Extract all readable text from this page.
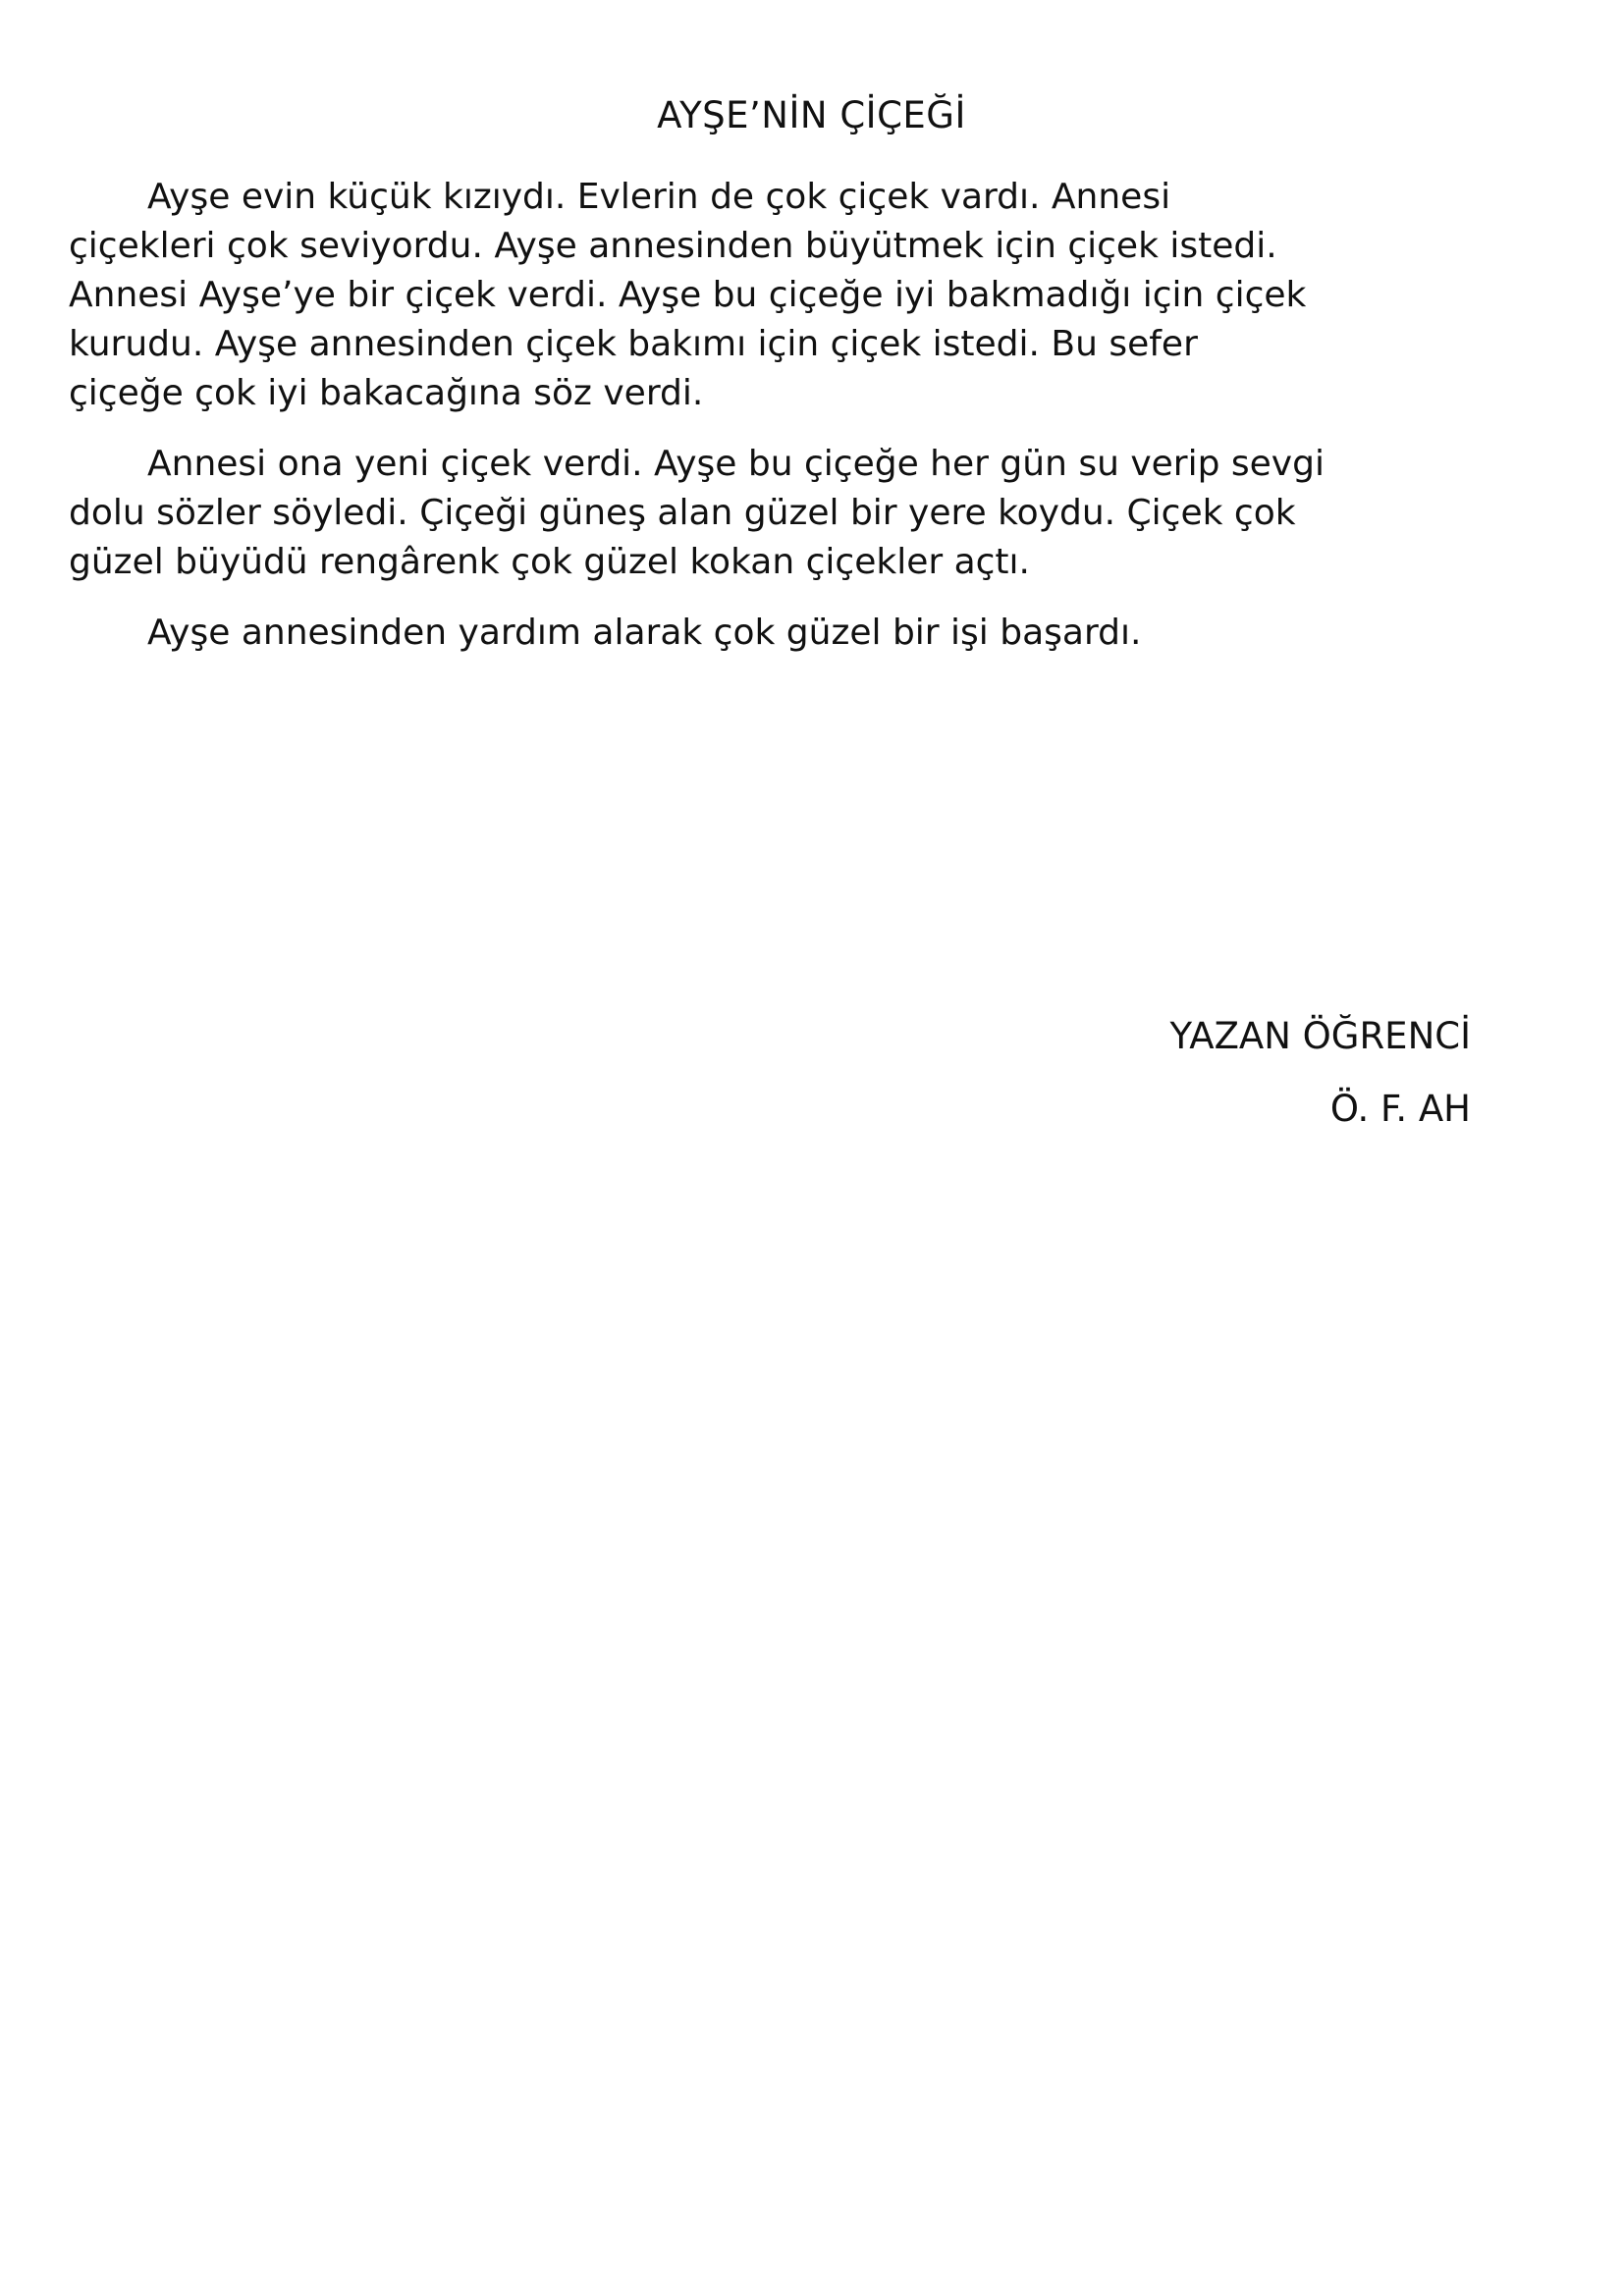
AYŞE’NİN ÇİÇEĞİ

Ayşe evin küçük kızıydı. Evlerin de çok çiçek vardı. Annesi
çiçekleri çok seviyordu. Ayşe annesinden büyütmek için çiçek istedi.
Annesi Ayşe’ye bir çiçek verdi. Ayşe bu çiçeğe iyi bakmadığı için çiçek
kurudu. Ayşe annesinden çiçek bakımı için çiçek istedi. Bu sefer
çiçeğe çok iyi bakacağına söz verdi.

Annesi ona yeni çiçek verdi. Ayşe bu çiçeğe her gün su verip sevgi
dolu sözler söyledi. Çiçeği güneş alan güzel bir yere koydu. Çiçek çok
güzel büyüdü rengârenk çok güzel kokan çiçekler açtı.

Ayşe annesinden yardım alarak çok güzel bir işi başardı.

YAZAN ÖĞRENCİ
Ö. F. AH
